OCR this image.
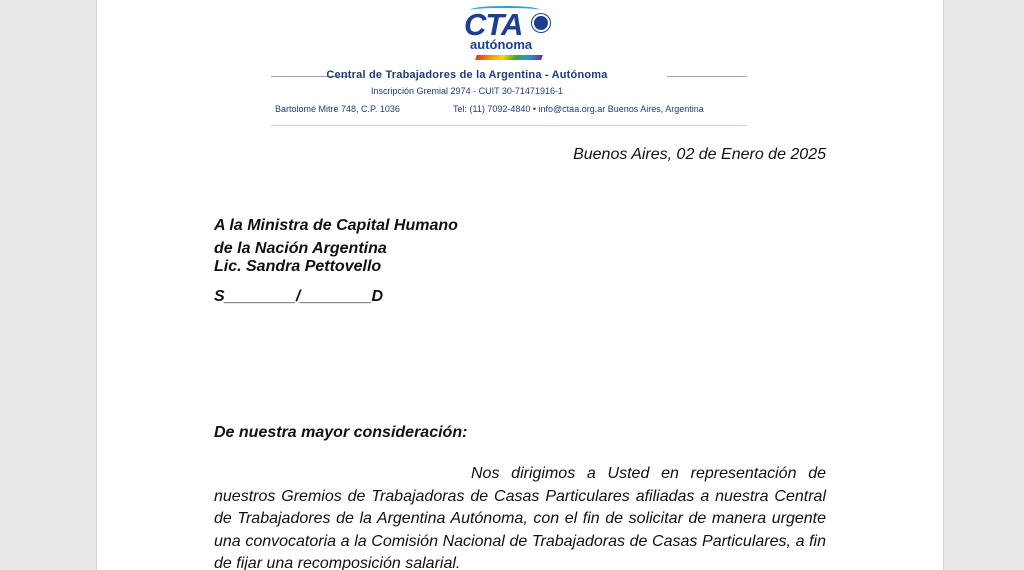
CTA
autónoma
Central de Trabajadores de la Argentina - Autónoma
Inscripción Gremial 2974 - CUIT 30-71471916-1
Bartolomé Mitre 748, C.P. 1036	Tel: (11) 7092-4840 • info@ctaa.org.ar Buenos Aires, Argentina
Buenos Aires, 02 de Enero de 2025
A la Ministra de Capital Humano
de la Nación Argentina
Lic. Sandra Pettovello
S________/________D
De nuestra mayor consideración:
Nos dirigimos a Usted en representación de nuestros Gremios de Trabajadoras de Casas Particulares afiliadas a nuestra Central de Trabajadores de la Argentina Autónoma, con el fin de solicitar de manera urgente una convocatoria a la Comisión Nacional de Trabajadoras de Casas Particulares, a fin de fijar una recomposición salarial.
